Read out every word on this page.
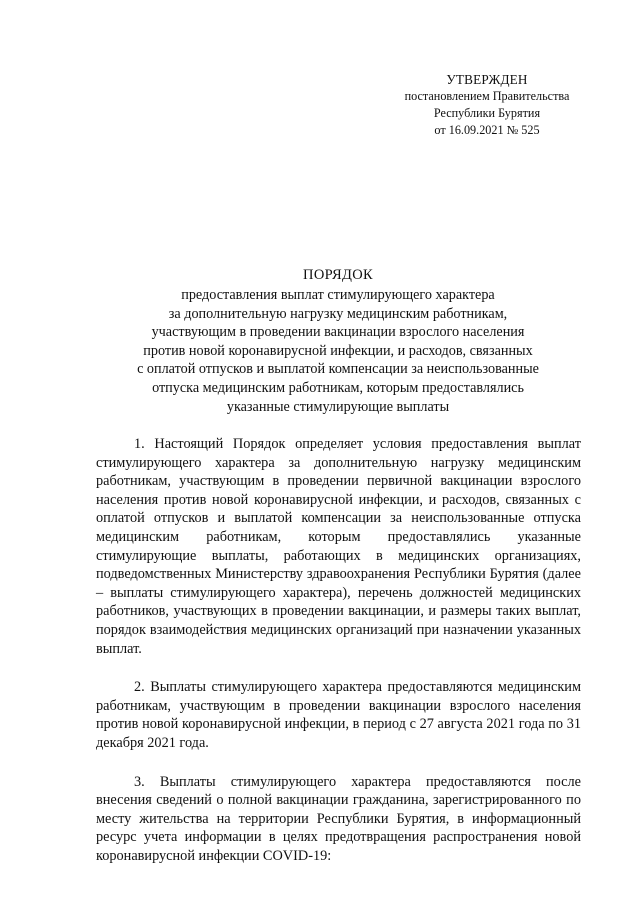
УТВЕРЖДЕН
постановлением Правительства
Республики Бурятия
от 16.09.2021 № 525
ПОРЯДОК
предоставления выплат стимулирующего характера
за дополнительную нагрузку медицинским работникам,
участвующим в проведении вакцинации взрослого населения
против новой коронавирусной инфекции, и расходов, связанных
с оплатой отпусков и выплатой компенсации за неиспользованные
отпуска медицинским работникам, которым предоставлялись
указанные стимулирующие выплаты

1. Настоящий Порядок определяет условия предоставления выплат стимулирующего характера за дополнительную нагрузку медицинским работникам, участвующим в проведении первичной вакцинации взрослого населения против новой коронавирусной инфекции, и расходов, связанных с оплатой отпусков и выплатой компенсации за неиспользованные отпуска медицинским работникам, которым предоставлялись указанные стимулирующие выплаты, работающих в медицинских организациях, подведомственных Министерству здравоохранения Республики Бурятия (далее – выплаты стимулирующего характера), перечень должностей медицинских работников, участвующих в проведении вакцинации, и размеры таких выплат, порядок взаимодействия медицинских организаций при назначении указанных выплат.

2. Выплаты стимулирующего характера предоставляются медицинским работникам, участвующим в проведении вакцинации взрослого населения против новой коронавирусной инфекции, в период с 27 августа 2021 года по 31 декабря 2021 года.

3. Выплаты стимулирующего характера предоставляются после внесения сведений о полной вакцинации гражданина, зарегистрированного по месту жительства на территории Республики Бурятия, в информационный ресурс учета информации в целях предотвращения распространения новой коронавирусной инфекции COVID-19:
